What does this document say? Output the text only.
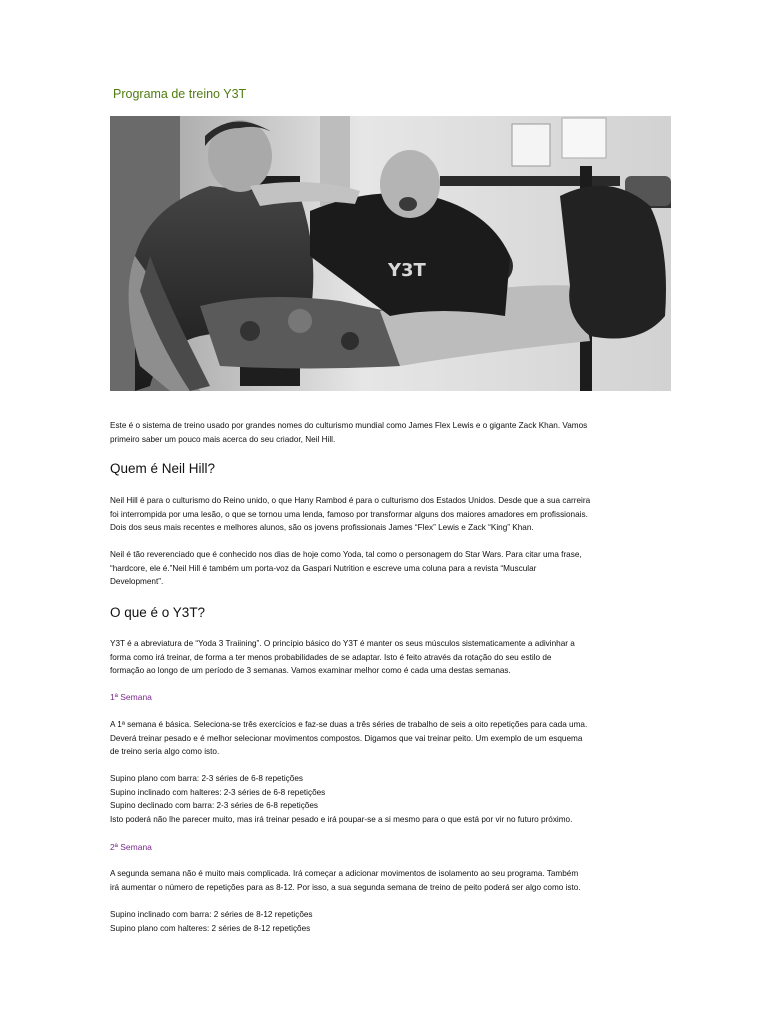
Programa de treino Y3T
Y3T
Este é o sistema de treino usado por grandes nomes do culturismo mundial como James Flex Lewis e o gigante Zack Khan. Vamos
primeiro saber um pouco mais acerca do seu criador, Neil Hill.
Quem é Neil Hill?
Neil Hill é para o culturismo do Reino unido, o que Hany Rambod é para o culturismo dos Estados Unidos. Desde que a sua carreira
foi interrompida por uma lesão, o que se tornou uma lenda, famoso por transformar alguns dos maiores amadores em profissionais.
Dois dos seus mais recentes e melhores alunos, são os jovens profissionais James “Flex” Lewis e Zack “King” Khan.
Neil é tão reverenciado que é conhecido nos dias de hoje como Yoda, tal como o personagem do Star Wars. Para citar uma frase,
“hardcore, ele é.”Neil Hill é também um porta-voz da Gaspari Nutrition e escreve uma coluna para a revista “Muscular
Development”.
O que é o Y3T?
Y3T é a abreviatura de “Yoda 3 Traiining”. O princípio básico do Y3T é manter os seus músculos sistematicamente a adivinhar a
forma como irá treinar, de forma a ter menos probabilidades de se adaptar. Isto é feito através da rotação do seu estilo de
formação ao longo de um período de 3 semanas. Vamos examinar melhor como é cada uma destas semanas.
1ª Semana
A 1ª semana é básica. Seleciona-se três exercícios e faz-se duas a três séries de trabalho de seis a oito repetições para cada uma.
Deverá treinar pesado e é melhor selecionar movimentos compostos. Digamos que vai treinar peito. Um exemplo de um esquema
de treino seria algo como isto.
Supino plano com barra: 2-3 séries de 6-8 repetições
Supino inclinado com halteres: 2-3 séries de 6-8 repetições
Supino declinado com barra: 2-3 séries de 6-8 repetições
Isto poderá não lhe parecer muito, mas irá treinar pesado e irá poupar-se a si mesmo para o que está por vir no futuro próximo.
2ª Semana
A segunda semana não é muito mais complicada. Irá começar a adicionar movimentos de isolamento ao seu programa. Também
irá aumentar o número de repetições para as 8-12. Por isso, a sua segunda semana de treino de peito poderá ser algo como isto.
Supino inclinado com barra: 2 séries de 8-12 repetições
Supino plano com halteres: 2 séries de 8-12 repetições
